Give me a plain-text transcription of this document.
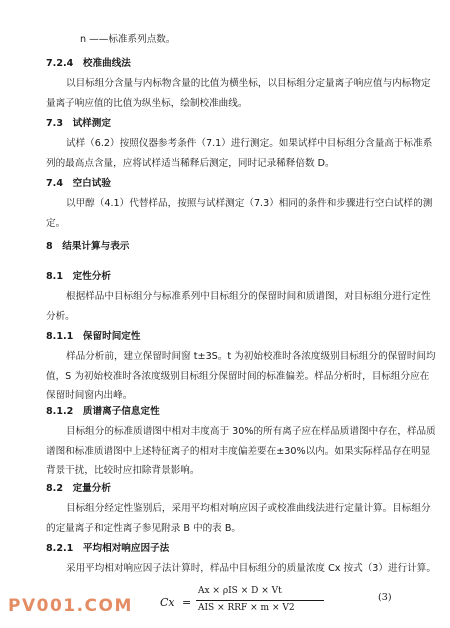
n ——标准系列点数。
7.2.4　校准曲线法
以目标组分含量与内标物含量的比值为横坐标，以目标组分定量离子响应值与内标物定
量离子响应值的比值为纵坐标，绘制校准曲线。
7.3　试样测定
试样（6.2）按照仪器参考条件（7.1）进行测定。如果试样中目标组分含量高于标准系
列的最高点含量，应将试样适当稀释后测定，同时记录稀释倍数 D。
7.4　空白试验
以甲醇（4.1）代替样品，按照与试样测定（7.3）相同的条件和步骤进行空白试样的测
定。
8　结果计算与表示
8.1　定性分析
根据样品中目标组分与标准系列中目标组分的保留时间和质谱图，对目标组分进行定性
分析。
8.1.1　保留时间定性
样品分析前，建立保留时间窗 t±3S。t 为初始校准时各浓度级别目标组分的保留时间均
值，S 为初始校准时各浓度级别目标组分保留时间的标准偏差。样品分析时，目标组分应在
保留时间窗内出峰。
8.1.2　质谱离子信息定性
目标组分的标准质谱图中相对丰度高于 30%的所有离子应在样品质谱图中存在，样品质
谱图和标准质谱图中上述特征离子的相对丰度偏差要在±30%以内。如果实际样品存在明显
背景干扰，比较时应扣除背景影响。
8.2　定量分析
目标组分经定性鉴别后，采用平均相对响应因子或校准曲线法进行定量计算。目标组分
的定量离子和定性离子参见附录 B 中的表 B。
8.2.1　平均相对响应因子法
采用平均相对响应因子法计算时，样品中目标组分的质量浓度 Cx 按式（3）进行计算。
Cx =
Ax × ρIS × D × Vt
AIS × RRF × m × V2
(3)
PV001.COM
